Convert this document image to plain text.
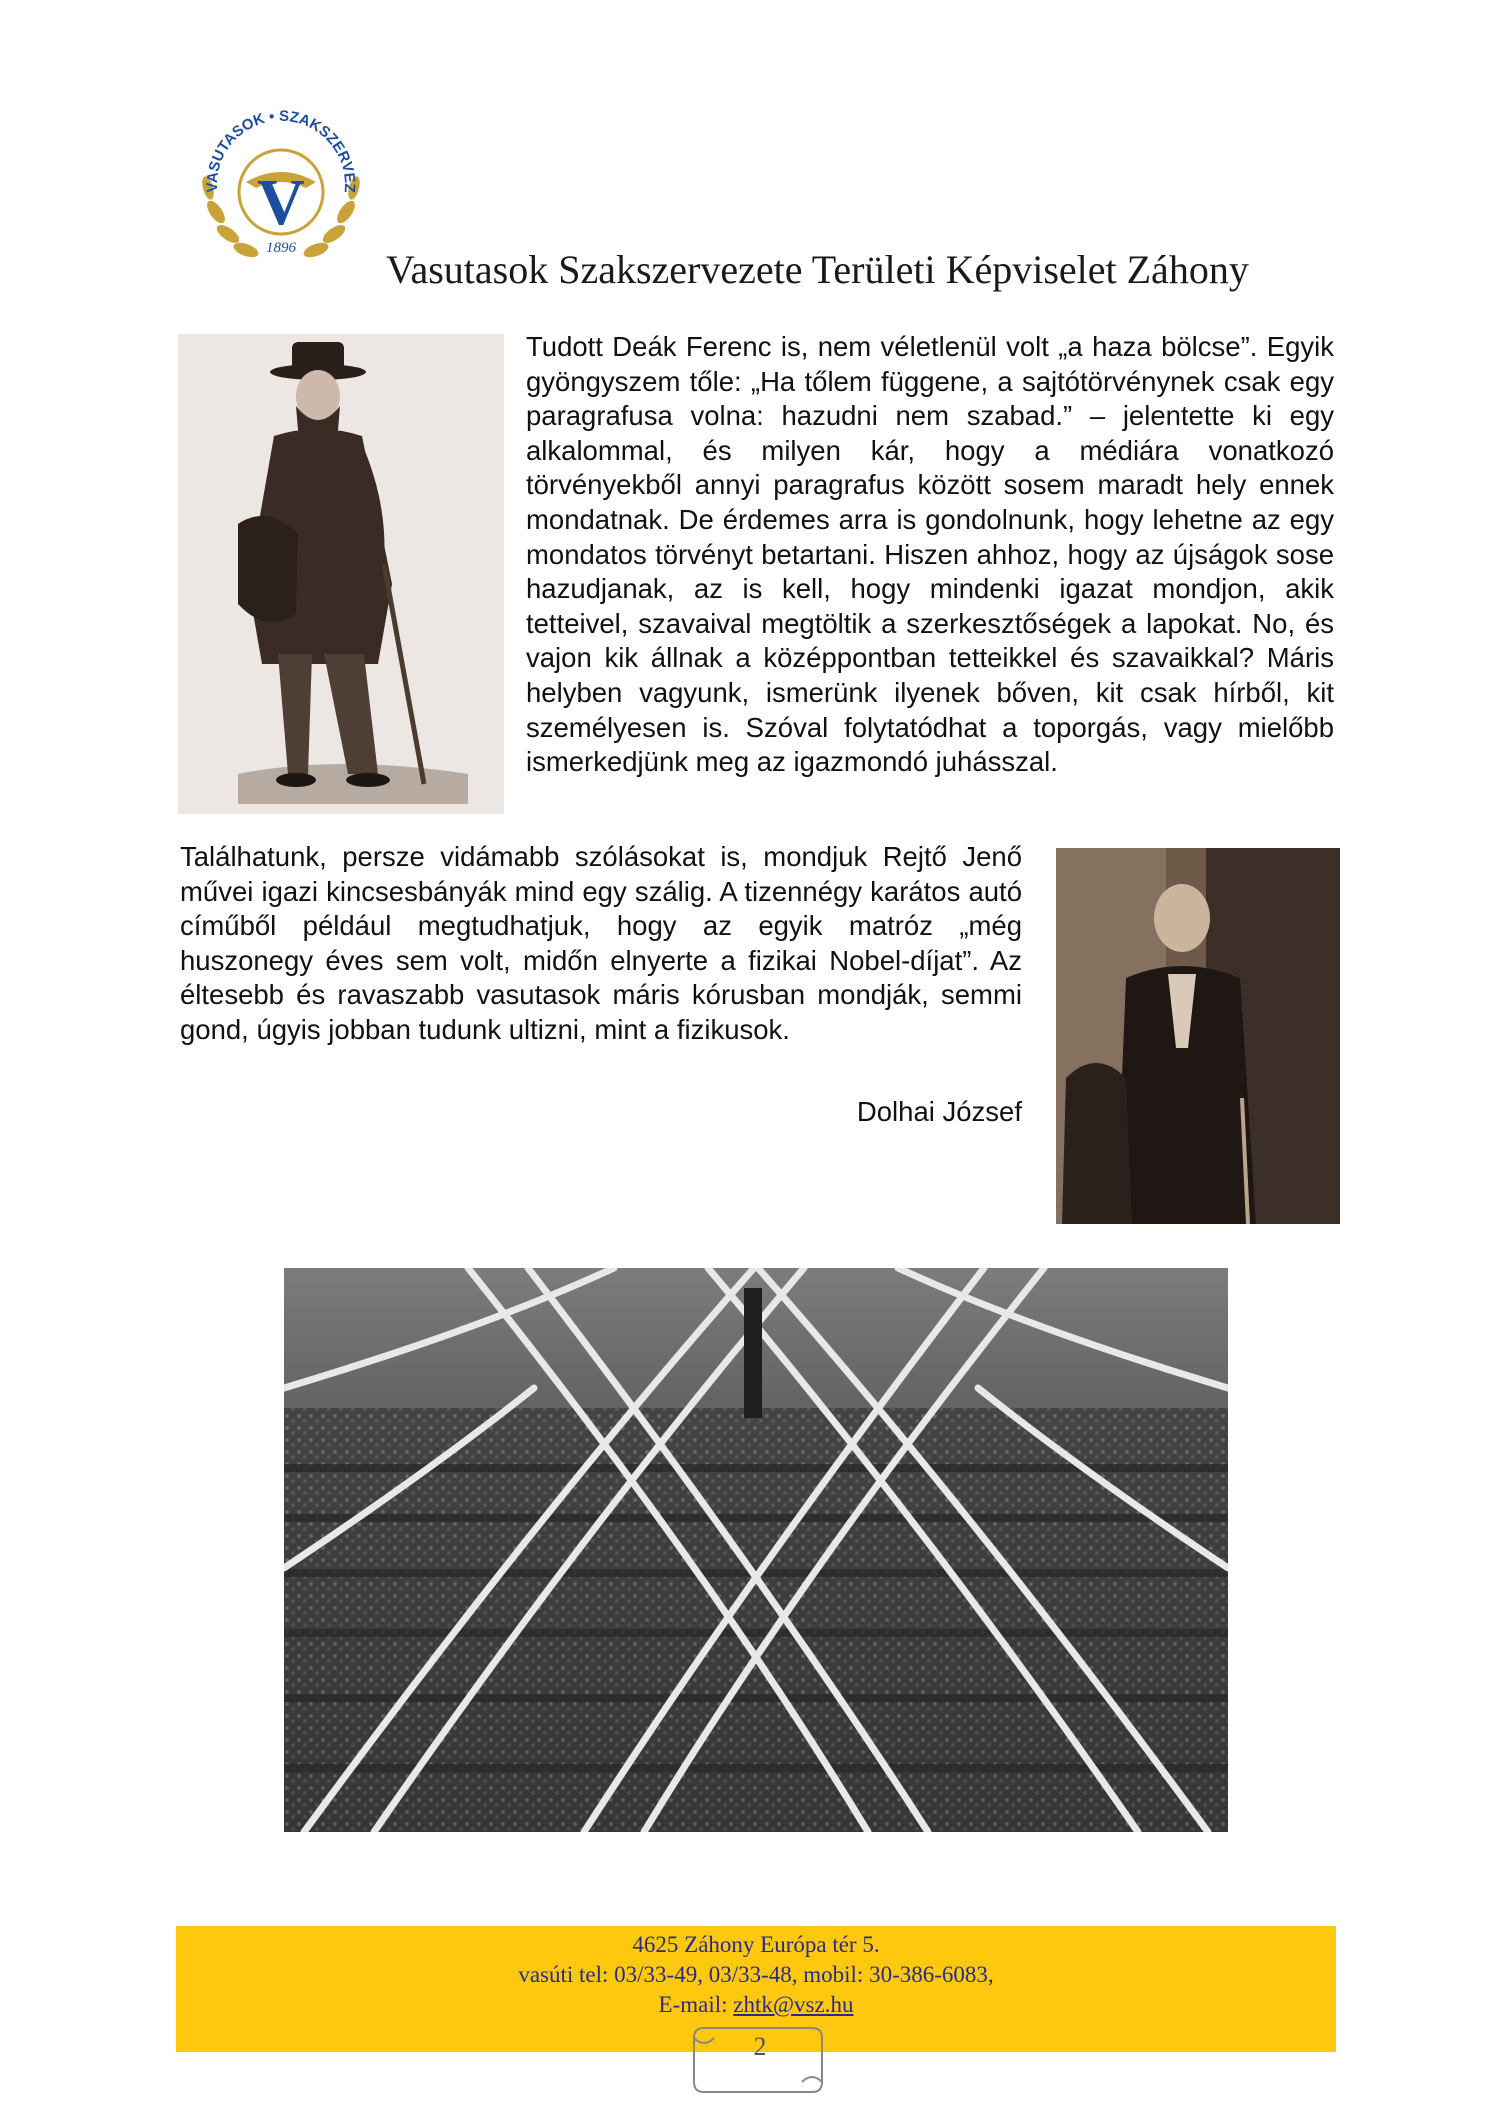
VASUTASOK • SZAKSZERVEZ
V
1896 Vasutasok Szakszervezete Területi Képviselet Záhony
Tudott Deák Ferenc is, nem véletlenül volt „a haza bölcse”. Egyik gyöngyszem tőle: „Ha tőlem függene, a sajtótörvénynek csak egy paragrafusa volna: hazudni nem szabad.” – jelentette ki egy alkalommal, és milyen kár, hogy a médiára vonatkozó törvényekből annyi paragrafus között sosem maradt hely ennek mondatnak. De érdemes arra is gondolnunk, hogy lehetne az egy mondatos törvényt betartani. Hiszen ahhoz, hogy az újságok sose hazudjanak, az is kell, hogy mindenki igazat mondjon, akik tetteivel, szavaival megtöltik a szerkesztőségek a lapokat. No, és vajon kik állnak a középpontban tetteikkel és szavaikkal? Máris helyben vagyunk, ismerünk ilyenek bőven, kit csak hírből, kit személyesen is. Szóval folytatódhat a toporgás, vagy mielőbb ismerkedjünk meg az igazmondó juhásszal.
Találhatunk, persze vidámabb szólásokat is, mondjuk Rejtő Jenő művei igazi kincsesbányák mind egy szálig. A tizennégy karátos autó címűből például megtudhatjuk, hogy az egyik matróz „még huszonegy éves sem volt, midőn elnyerte a fizikai Nobel-díjat”. Az éltesebb és ravaszabb vasutasok máris kórusban mondják, semmi gond, úgyis jobban tudunk ultizni, mint a fizikusok.
Dolhai József
4625 Záhony Európa tér 5.
vasúti tel: 03/33-49, 03/33-48, mobil: 30-386-6083,
E-mail: zhtk@vsz.hu
2
